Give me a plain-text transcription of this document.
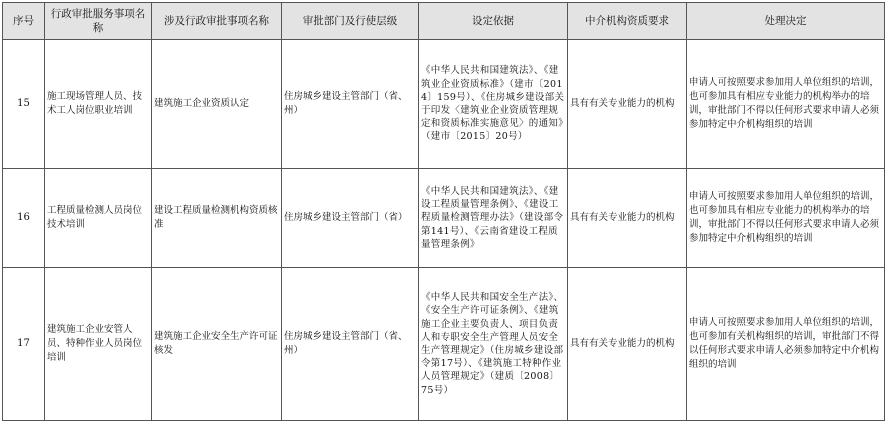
序号	行政审批服务事项名称	涉及行政审批事项名称	审批部门及行使层级	设定依据	中介机构资质要求	处理决定
15	施工现场管理人员、技术工人岗位职业培训	建筑施工企业资质认定	住房城乡建设主管部门（省、州）	《中华人民共和国建筑法》、《建筑业企业资质标准》（建市〔2014〕159号）、《住房城乡建设部关于印发〈建筑业企业资质管理规定和资质标准实施意见〉的通知》（建市〔2015〕20号）	具有有关专业能力的机构	申请人可按照要求参加用人单位组织的培训，也可参加具有相应专业能力的机构举办的培训，审批部门不得以任何形式要求申请人必须参加特定中介机构组织的培训
16	工程质量检测人员岗位技术培训	建设工程质量检测机构资质核准	住房城乡建设主管部门（省）	《中华人民共和国建筑法》、《建设工程质量管理条例》、《建设工程质量检测管理办法》（建设部令第141号）、《云南省建设工程质量管理条例》	具有有关专业能力的机构	申请人可按照要求参加用人单位组织的培训，也可参加具有相应专业能力的机构举办的培训，审批部门不得以任何形式要求申请人必须参加特定中介机构组织的培训
17	建筑施工企业安管人员、特种作业人员岗位培训	建筑施工企业安全生产许可证核发	住房城乡建设主管部门（省、州）	《中华人民共和国安全生产法》、《安全生产许可证条例》、《建筑施工企业主要负责人、项目负责人和专职安全生产管理人员安全生产管理规定》（住房城乡建设部令第17号）、《建筑施工特种作业人员管理规定》（建质〔2008〕75号）	具有有关专业能力的机构	申请人可按照要求参加用人单位组织的培训，也可参加有关机构组织的培训，审批部门不得以任何形式要求申请人必须参加特定中介机构组织的培训
